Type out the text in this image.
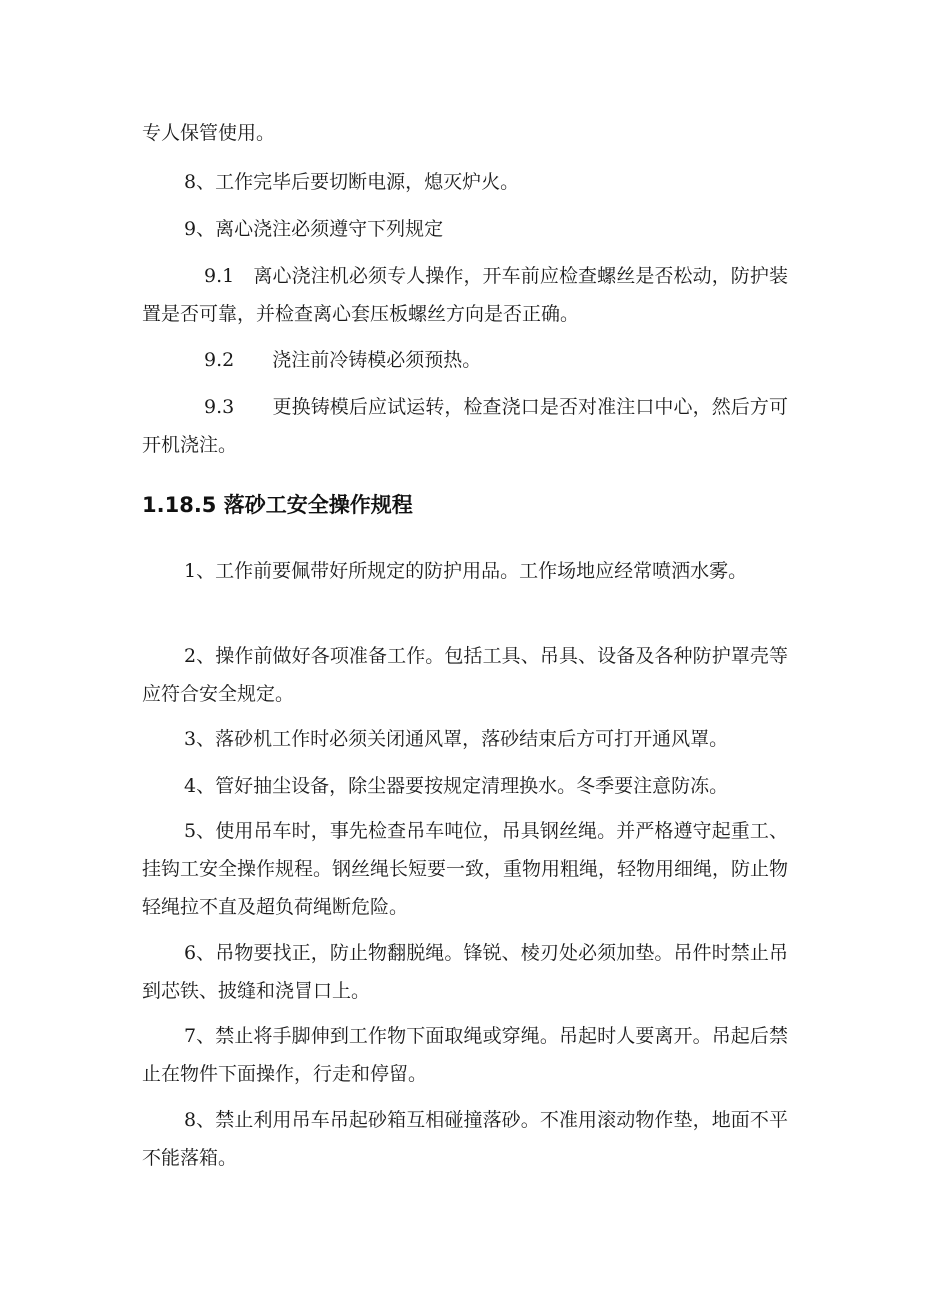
专人保管使用。

8、工作完毕后要切断电源，熄灭炉火。

9、离心浇注必须遵守下列规定

9.1　离心浇注机必须专人操作，开车前应检查螺丝是否松动，防护装置是否可靠，并检查离心套压板螺丝方向是否正确。

9.2　　浇注前冷铸模必须预热。

9.3　　更换铸模后应试运转，检查浇口是否对准注口中心，然后方可开机浇注。

1.18.5 落砂工安全操作规程

1、工作前要佩带好所规定的防护用品。工作场地应经常喷洒水雾。

2、操作前做好各项准备工作。包括工具、吊具、设备及各种防护罩壳等应符合安全规定。

3、落砂机工作时必须关闭通风罩，落砂结束后方可打开通风罩。

4、管好抽尘设备，除尘器要按规定清理换水。冬季要注意防冻。

5、使用吊车时，事先检查吊车吨位，吊具钢丝绳。并严格遵守起重工、挂钩工安全操作规程。钢丝绳长短要一致，重物用粗绳，轻物用细绳，防止物轻绳拉不直及超负荷绳断危险。

6、吊物要找正，防止物翻脱绳。锋锐、棱刃处必须加垫。吊件时禁止吊到芯铁、披缝和浇冒口上。

7、禁止将手脚伸到工作物下面取绳或穿绳。吊起时人要离开。吊起后禁止在物件下面操作，行走和停留。

8、禁止利用吊车吊起砂箱互相碰撞落砂。不准用滚动物作垫，地面不平不能落箱。
